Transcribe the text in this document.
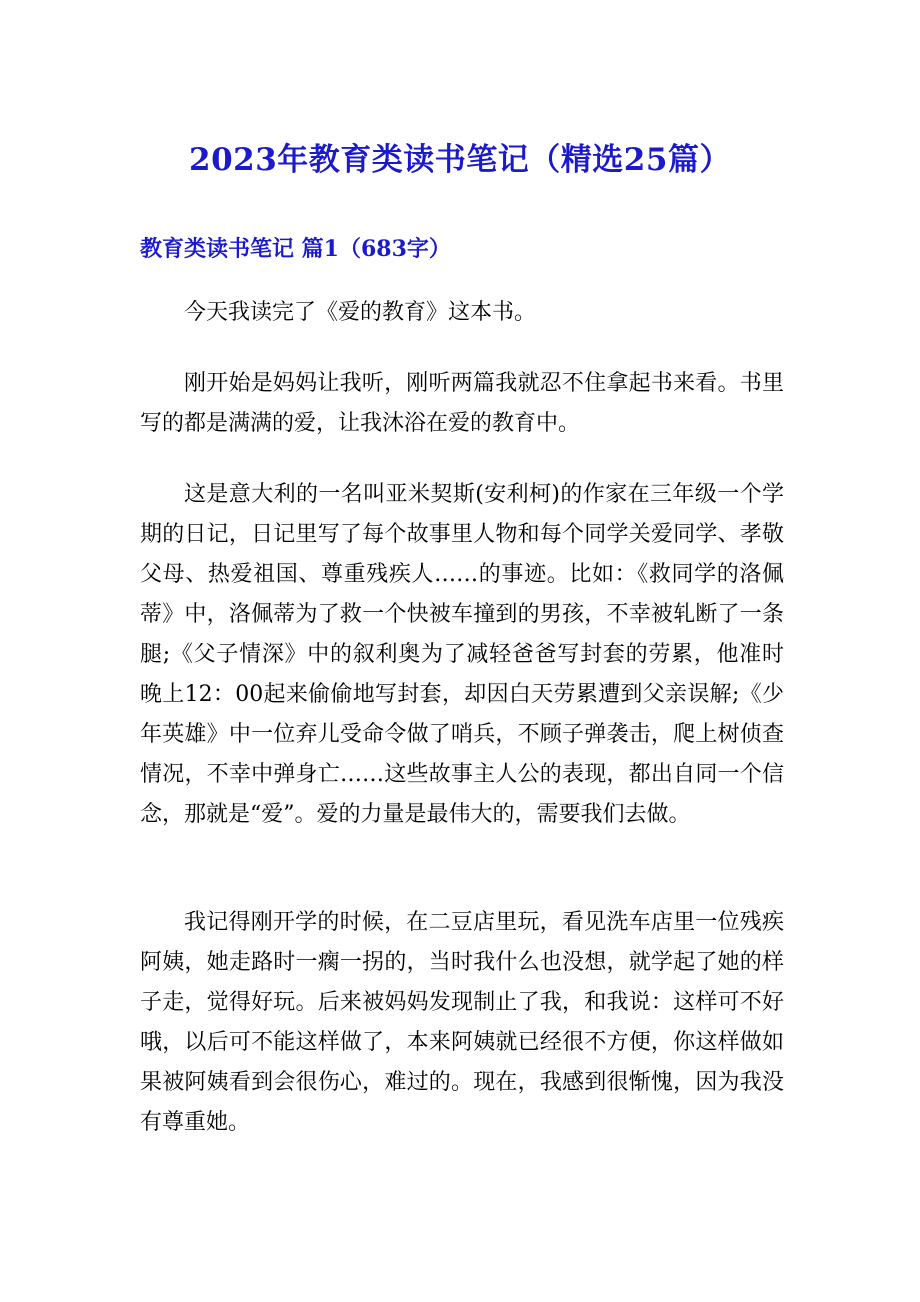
2023年教育类读书笔记（精选25篇）
教育类读书笔记 篇1（683字）

今天我读完了《爱的教育》这本书。

刚开始是妈妈让我听，刚听两篇我就忍不住拿起书来看。书里写的都是满满的爱，让我沐浴在爱的教育中。

这是意大利的一名叫亚米契斯(安利柯)的作家在三年级一个学期的日记，日记里写了每个故事里人物和每个同学关爱同学、孝敬父母、热爱祖国、尊重残疾人……的事迹。比如：《救同学的洛佩蒂》中，洛佩蒂为了救一个快被车撞到的男孩，不幸被轧断了一条腿;《父子情深》中的叙利奥为了减轻爸爸写封套的劳累，他准时晚上12：00起来偷偷地写封套，却因白天劳累遭到父亲误解;《少年英雄》中一位弃儿受命令做了哨兵，不顾子弹袭击，爬上树侦查情况，不幸中弹身亡……这些故事主人公的表现，都出自同一个信念，那就是“爱”。爱的力量是最伟大的，需要我们去做。

我记得刚开学的时候，在二豆店里玩，看见洗车店里一位残疾阿姨，她走路时一瘸一拐的，当时我什么也没想，就学起了她的样子走，觉得好玩。后来被妈妈发现制止了我，和我说：这样可不好哦，以后可不能这样做了，本来阿姨就已经很不方便，你这样做如果被阿姨看到会很伤心，难过的。现在，我感到很惭愧，因为我没有尊重她。
